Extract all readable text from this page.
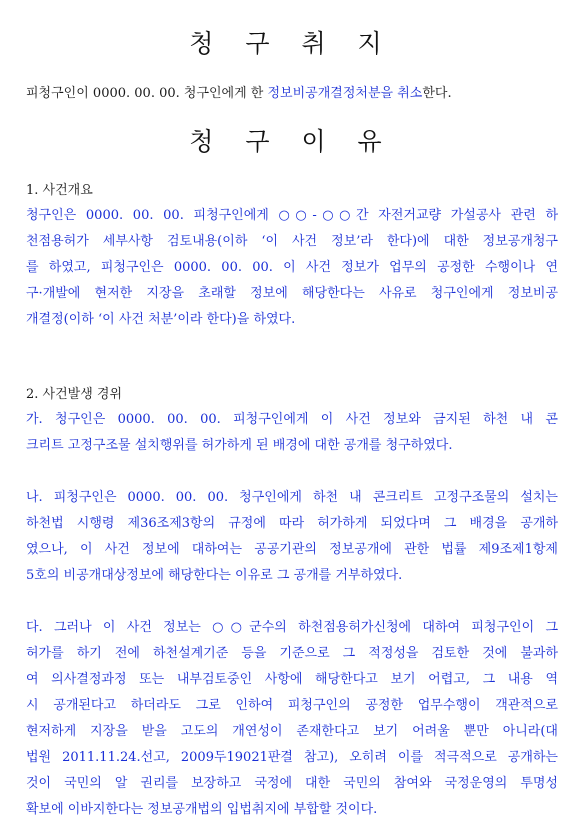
청 구 취 지
피청구인이 0000. 00. 00. 청구인에게 한 정보비공개결정처분을 취소한다.
청 구 이 유
1. 사건개요
청구인은 0000. 00. 00. 피청구인에게 ○○-○○간 자전거교량 가설공사 관련 하
천점용허가 세부사항 검토내용(이하 ‘이 사건 정보’라 한다)에 대한 정보공개청구
를 하였고, 피청구인은 0000. 00. 00. 이 사건 정보가 업무의 공정한 수행이나 연
구·개발에 현저한 지장을 초래할 정보에 해당한다는 사유로 청구인에게 정보비공
개결정(이하 ‘이 사건 처분’이라 한다)을 하였다.
2. 사건발생 경위
가. 청구인은 0000. 00. 00. 피청구인에게 이 사건 정보와 금지된 하천 내 콘
크리트 고정구조물 설치행위를 허가하게 된 배경에 대한 공개를 청구하였다.
나. 피청구인은 0000. 00. 00. 청구인에게 하천 내 콘크리트 고정구조물의 설치는
하천법 시행령 제36조제3항의 규정에 따라 허가하게 되었다며 그 배경을 공개하
였으나, 이 사건 정보에 대하여는 공공기관의 정보공개에 관한 법률 제9조제1항제
5호의 비공개대상정보에 해당한다는 이유로 그 공개를 거부하였다.
다. 그러나 이 사건 정보는 ○○군수의 하천점용허가신청에 대하여 피청구인이 그
허가를 하기 전에 하천설계기준 등을 기준으로 그 적정성을 검토한 것에 불과하
여 의사결정과정 또는 내부검토중인 사항에 해당한다고 보기 어렵고, 그 내용 역
시 공개된다고 하더라도 그로 인하여 피청구인의 공정한 업무수행이 객관적으로
현저하게 지장을 받을 고도의 개연성이 존재한다고 보기 어려울 뿐만 아니라(대
법원 2011.11.24.선고, 2009두19021판결 참고), 오히려 이를 적극적으로 공개하는
것이 국민의 알 권리를 보장하고 국정에 대한 국민의 참여와 국정운영의 투명성
확보에 이바지한다는 정보공개법의 입법취지에 부합할 것이다.
